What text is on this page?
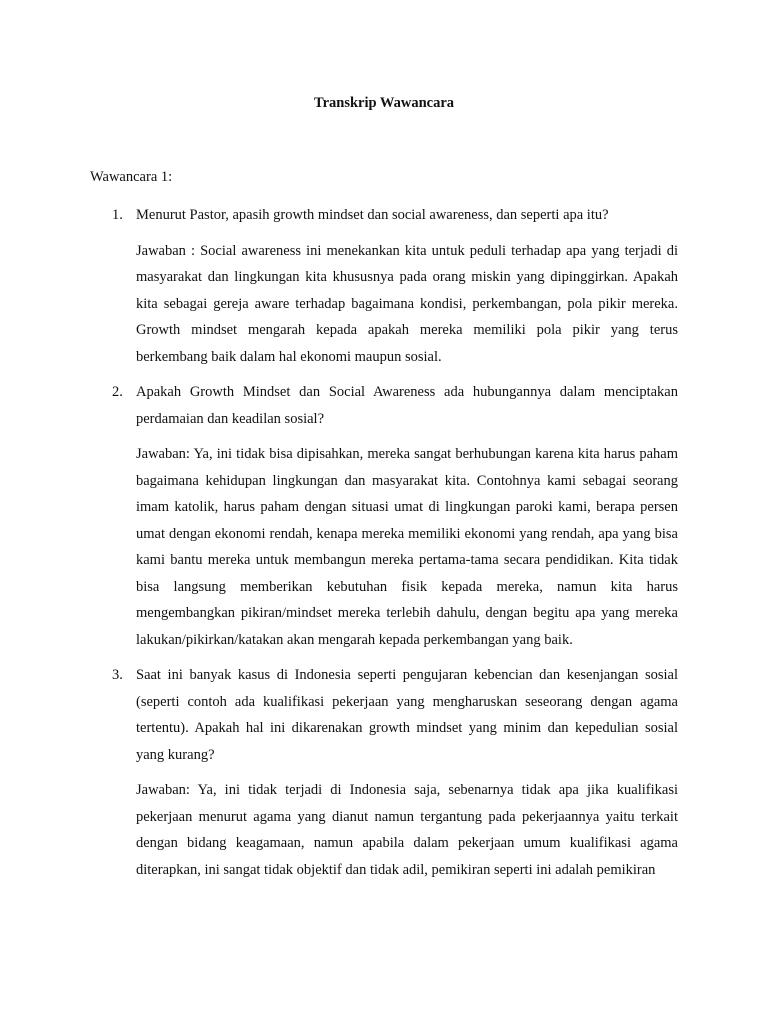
Transkrip Wawancara
Wawancara 1:
1. Menurut Pastor, apasih growth mindset dan social awareness, dan seperti apa itu?

Jawaban : Social awareness ini menekankan kita untuk peduli terhadap apa yang terjadi di masyarakat dan lingkungan kita khususnya pada orang miskin yang dipinggirkan. Apakah kita sebagai gereja aware terhadap bagaimana kondisi, perkembangan, pola pikir mereka. Growth mindset mengarah kepada apakah mereka memiliki pola pikir yang terus berkembang baik dalam hal ekonomi maupun sosial.

2. Apakah Growth Mindset dan Social Awareness ada hubungannya dalam menciptakan perdamaian dan keadilan sosial?

Jawaban: Ya, ini tidak bisa dipisahkan, mereka sangat berhubungan karena kita harus paham bagaimana kehidupan lingkungan dan masyarakat kita. Contohnya kami sebagai seorang imam katolik, harus paham dengan situasi umat di lingkungan paroki kami, berapa persen umat dengan ekonomi rendah, kenapa mereka memiliki ekonomi yang rendah, apa yang bisa kami bantu mereka untuk membangun mereka pertama-tama secara pendidikan. Kita tidak bisa langsung memberikan kebutuhan fisik kepada mereka, namun kita harus mengembangkan pikiran/mindset mereka terlebih dahulu, dengan begitu apa yang mereka lakukan/pikirkan/katakan akan mengarah kepada perkembangan yang baik.

3. Saat ini banyak kasus di Indonesia seperti pengujaran kebencian dan kesenjangan sosial (seperti contoh ada kualifikasi pekerjaan yang mengharuskan seseorang dengan agama tertentu). Apakah hal ini dikarenakan growth mindset yang minim dan kepedulian sosial yang kurang?

Jawaban: Ya, ini tidak terjadi di Indonesia saja, sebenarnya tidak apa jika kualifikasi pekerjaan menurut agama yang dianut namun tergantung pada pekerjaannya yaitu terkait dengan bidang keagamaan, namun apabila dalam pekerjaan umum kualifikasi agama diterapkan, ini sangat tidak objektif dan tidak adil, pemikiran seperti ini adalah pemikiran
